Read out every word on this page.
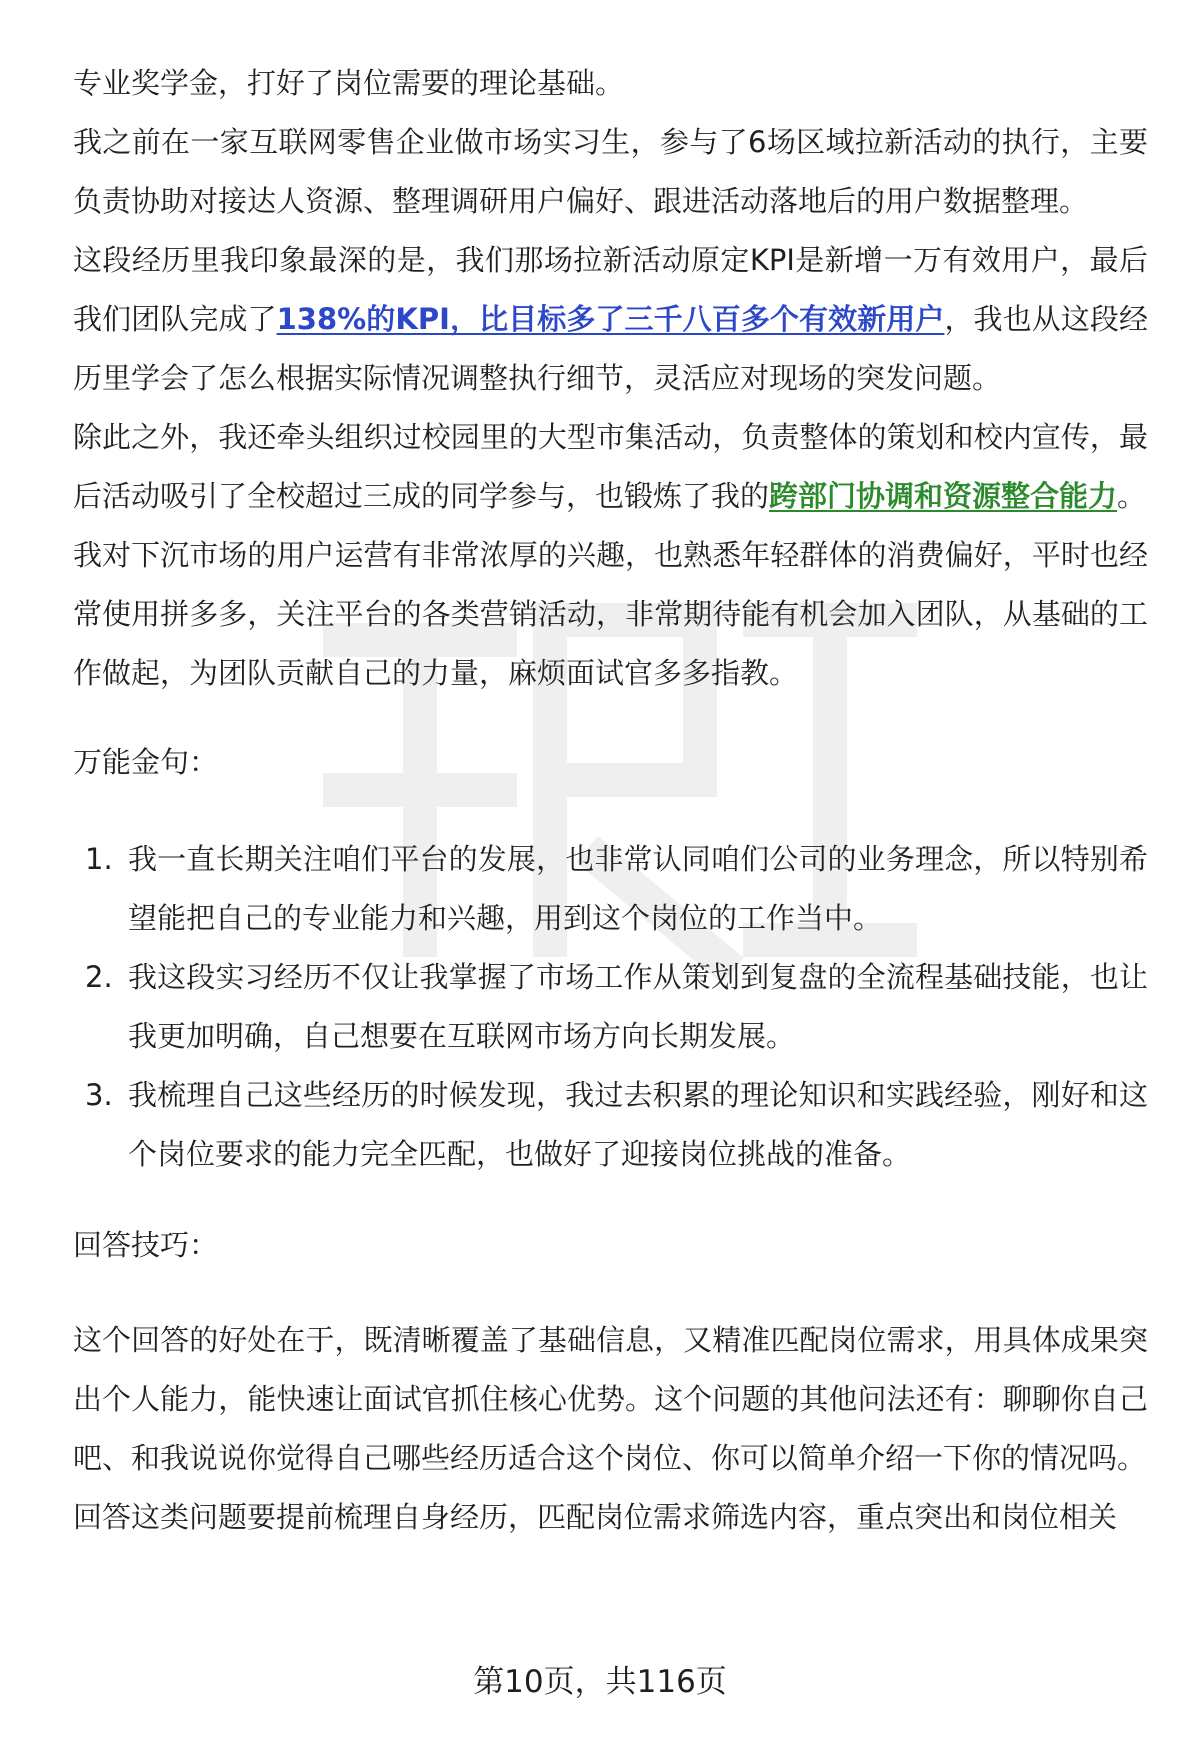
专业奖学金，打好了岗位需要的理论基础。

我之前在一家互联网零售企业做市场实习生，参与了6场区域拉新活动的执行，主要负责协助对接达人资源、整理调研用户偏好、跟进活动落地后的用户数据整理。

这段经历里我印象最深的是，我们那场拉新活动原定KPI是新增一万有效用户，最后我们团队完成了138%的KPI，比目标多了三千八百多个有效新用户，我也从这段经历里学会了怎么根据实际情况调整执行细节，灵活应对现场的突发问题。

除此之外，我还牵头组织过校园里的大型市集活动，负责整体的策划和校内宣传，最后活动吸引了全校超过三成的同学参与，也锻炼了我的跨部门协调和资源整合能力。

我对下沉市场的用户运营有非常浓厚的兴趣，也熟悉年轻群体的消费偏好，平时也经常使用拼多多，关注平台的各类营销活动，非常期待能有机会加入团队，从基础的工作做起，为团队贡献自己的力量，麻烦面试官多多指教。

万能金句：
1. 我一直长期关注咱们平台的发展，也非常认同咱们公司的业务理念，所以特别希望能把自己的专业能力和兴趣，用到这个岗位的工作当中。
2. 我这段实习经历不仅让我掌握了市场工作从策划到复盘的全流程基础技能，也让我更加明确，自己想要在互联网市场方向长期发展。
3. 我梳理自己这些经历的时候发现，我过去积累的理论知识和实践经验，刚好和这个岗位要求的能力完全匹配，也做好了迎接岗位挑战的准备。
回答技巧：

这个回答的好处在于，既清晰覆盖了基础信息，又精准匹配岗位需求，用具体成果突出个人能力，能快速让面试官抓住核心优势。这个问题的其他问法还有：聊聊你自己吧、和我说说你觉得自己哪些经历适合这个岗位、你可以简单介绍一下你的情况吗。

回答这类问题要提前梳理自身经历，匹配岗位需求筛选内容，重点突出和岗位相关

第10页，共116页
